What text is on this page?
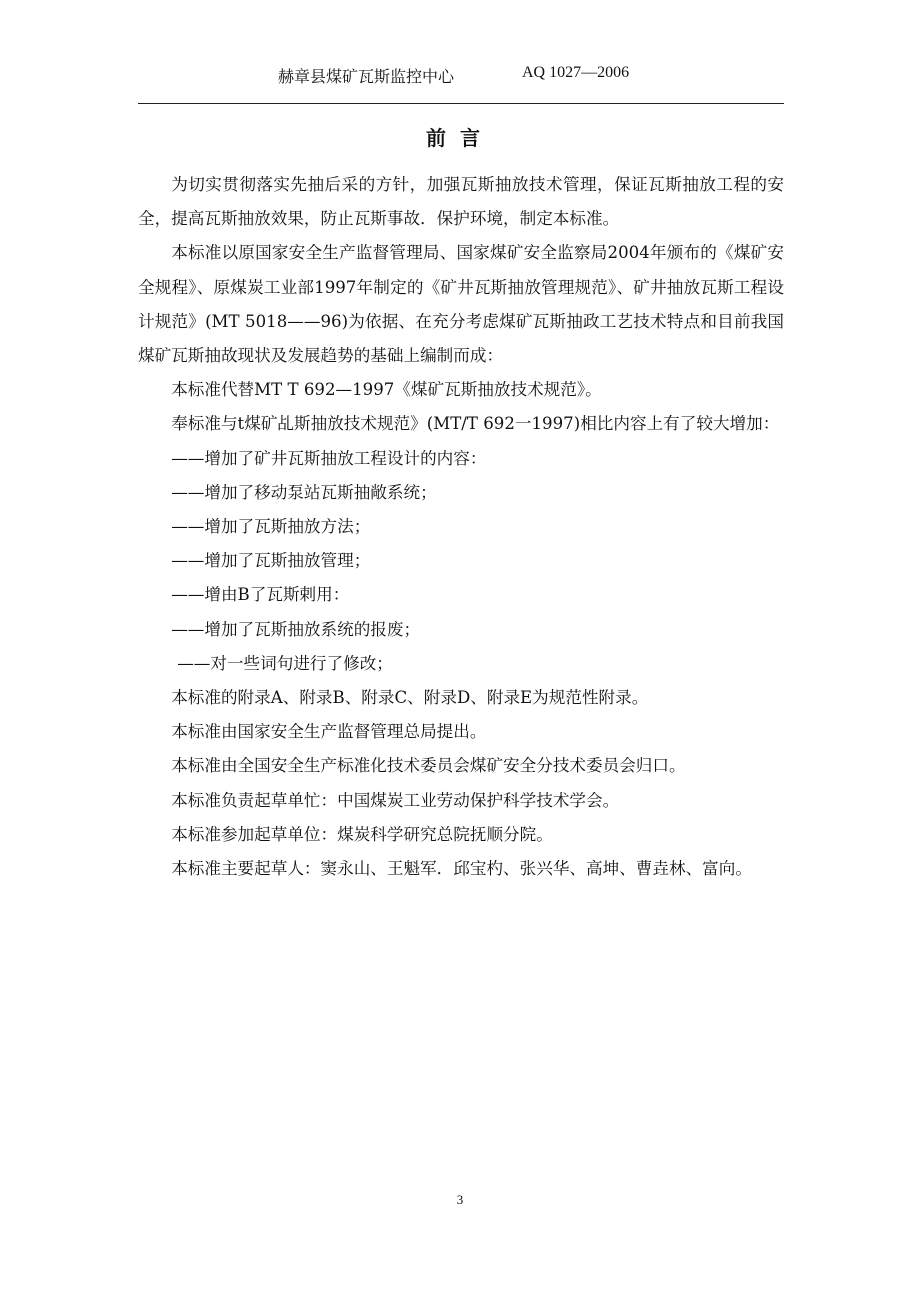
赫章县煤矿瓦斯监控中心	AQ 1027—2006
前言

为切实贯彻落实先抽后采的方针，加强瓦斯抽放技术管理，保证瓦斯抽放工程的安全，提高瓦斯抽放效果，防止瓦斯事故．保护环境，制定本标准。

本标准以原国家安全生产监督管理局、国家煤矿安全监察局2004年颁布的《煤矿安全规程》、原煤炭工业部1997年制定的《矿井瓦斯抽放管理规范》、矿井抽放瓦斯工程设计规范》(MT 5018——96)为依据、在充分考虑煤矿瓦斯抽政工艺技术特点和目前我国煤矿瓦斯抽故现状及发展趋势的基础上编制而成：

本标准代替MT T 692—1997《煤矿瓦斯抽放技术规范》。

奉标准与t煤矿乩斯抽放技术规范》(MT/T 692一1997)相比内容上有了较大增加：

——增加了矿井瓦斯抽放工程设计的内容：

——增加了移动泵站瓦斯抽敞系统；

——增加了瓦斯抽放方法；

——增加了瓦斯抽放管理；

——增由B了瓦斯剌用：

——增加了瓦斯抽放系统的报废；

——对一些词句进行了修改；

本标准的附录A、附录B、附录C、附录D、附录E为规范性附录。

本标准由国家安全生产监督管理总局提出。

本标准由全国安全生产标准化技术委员会煤矿安全分技术委员会归口。

本标准负责起草单忙：中国煤炭工业劳动保护科学技术学会。

本标准参加起草单位：煤炭科学研究总院抚顺分院。

本标准主要起草人：窦永山、王魁军．邱宝杓、张兴华、高坤、曹垚林、富向。

3
